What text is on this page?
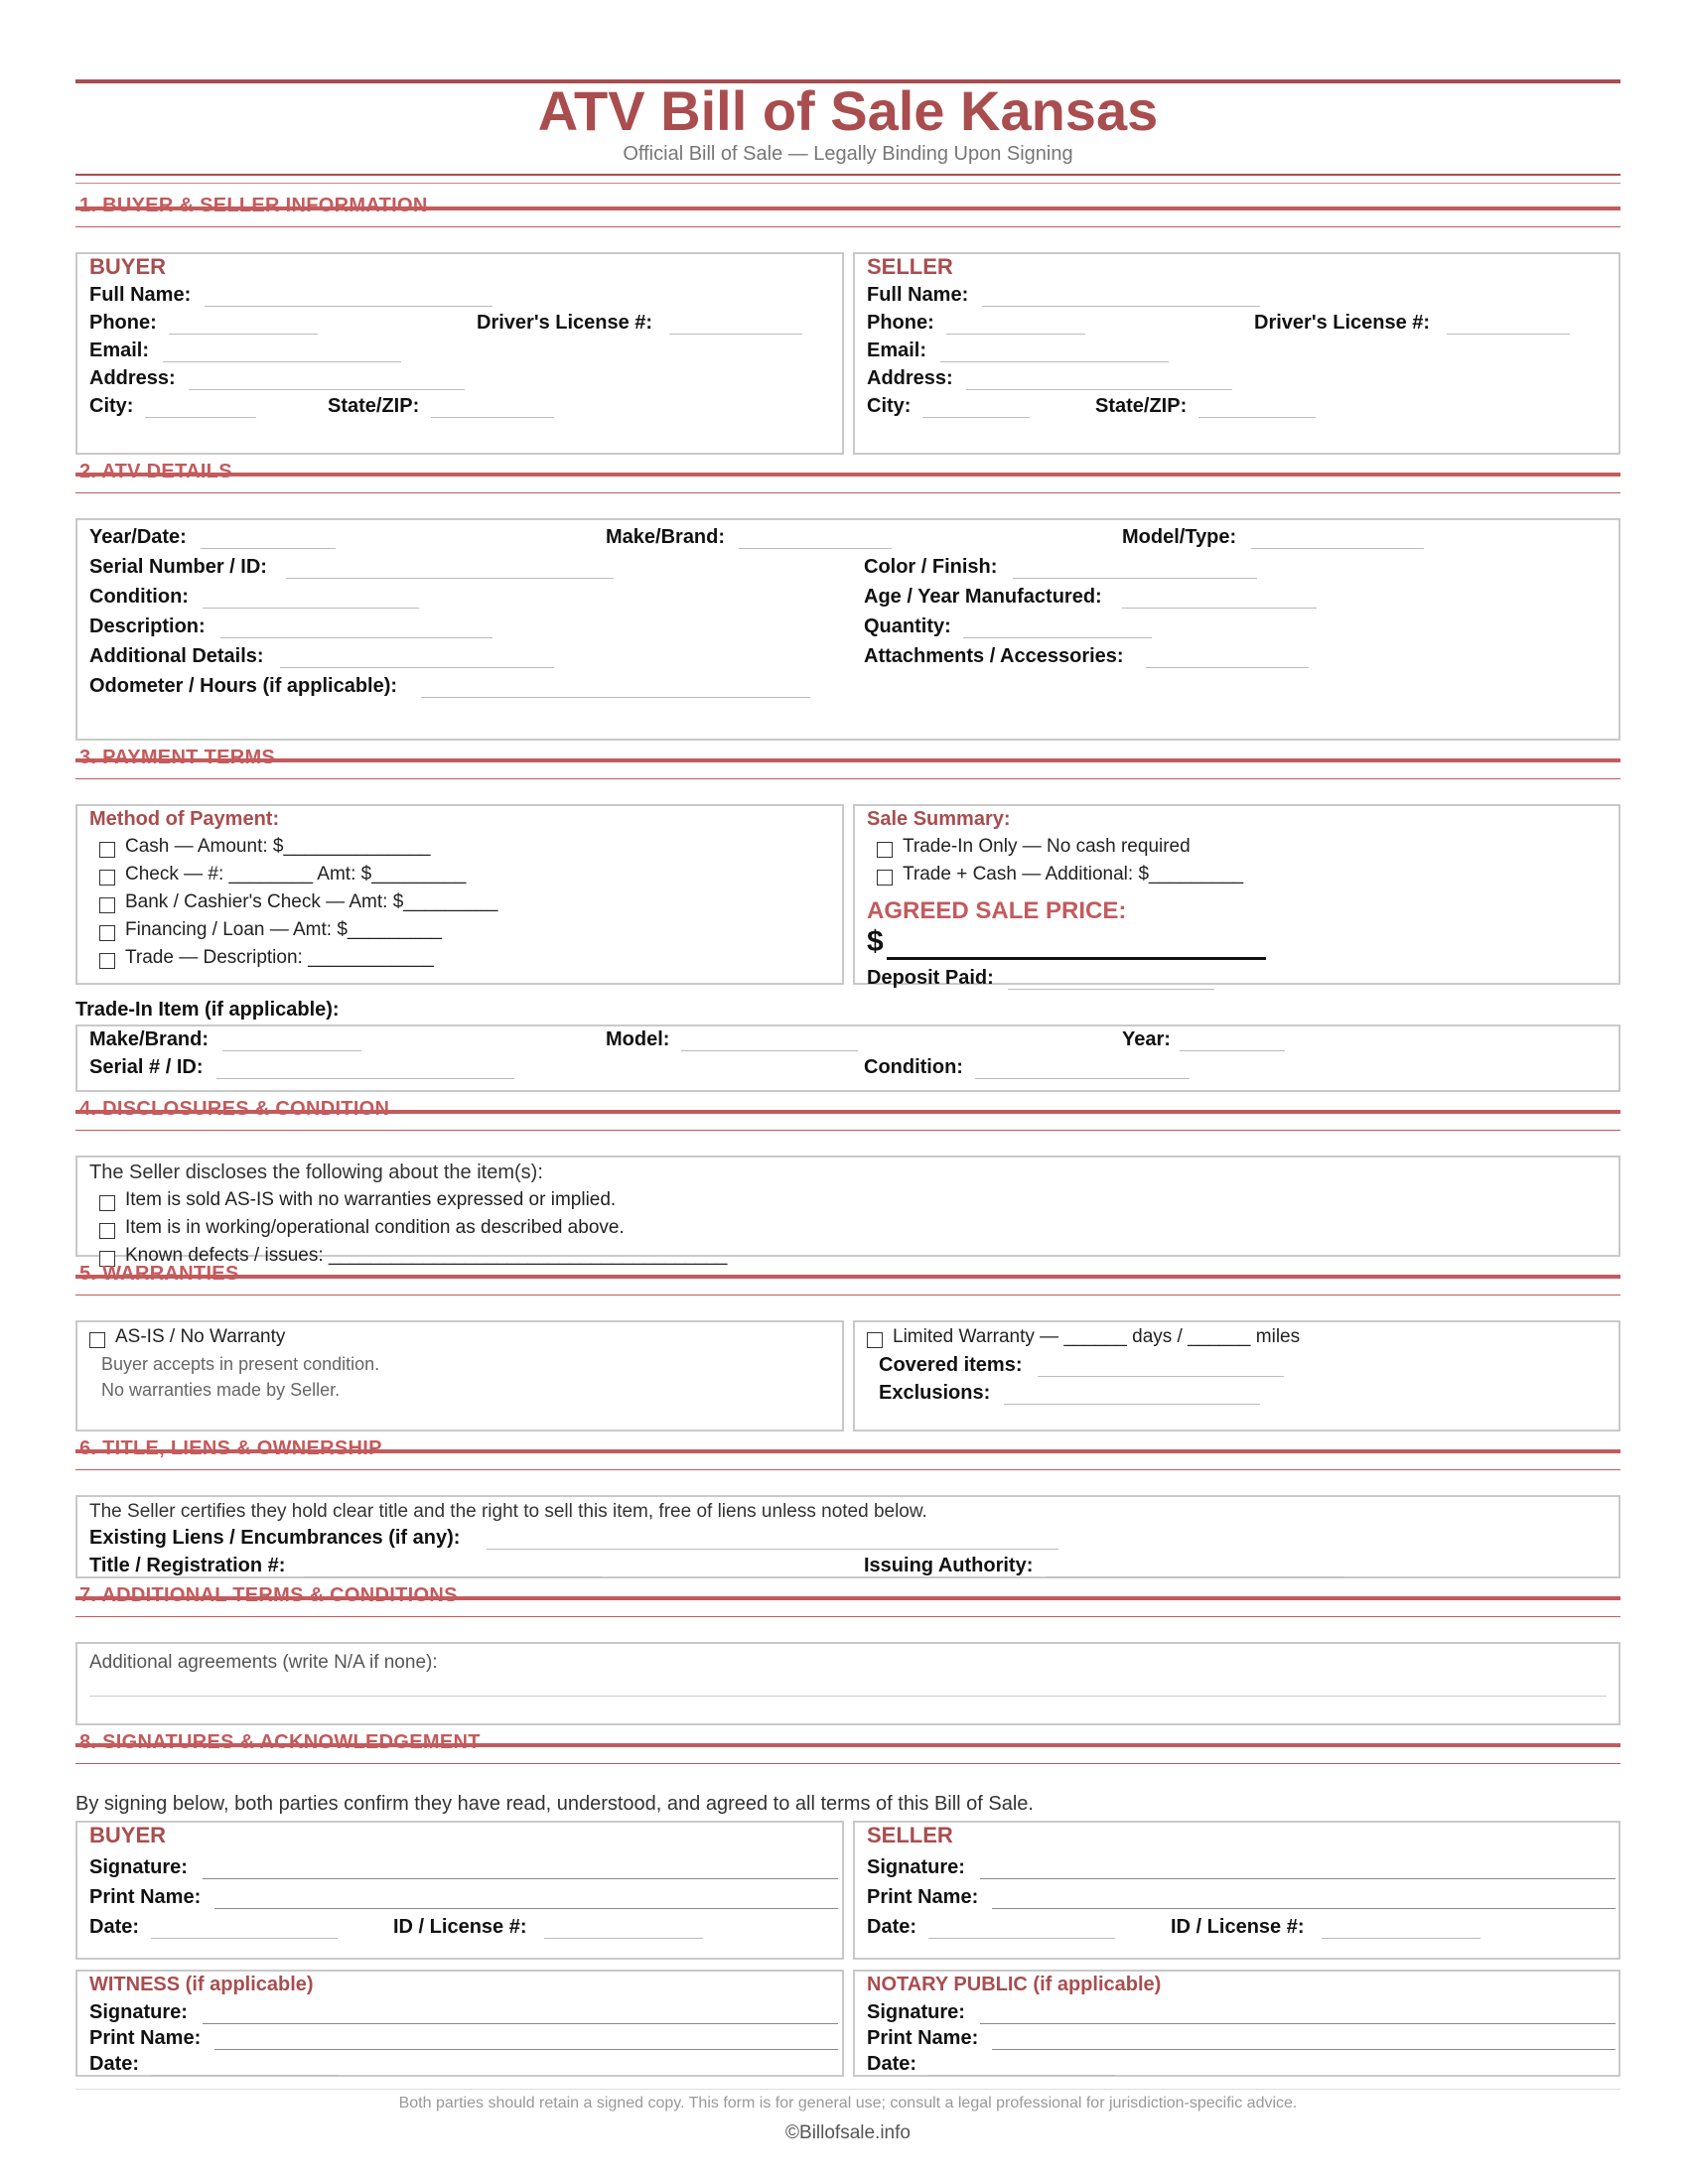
ATV Bill of Sale Kansas
Official Bill of Sale — Legally Binding Upon Signing
1. BUYER & SELLER INFORMATION
BUYER
Full Name:
Phone:	Driver's License #:
Email:
Address:
City:	State/ZIP:
SELLER
Full Name:
Phone:	Driver's License #:
Email:
Address:
City:	State/ZIP:
2. ATV DETAILS
Year/Date:	Make/Brand:	Model/Type:
Serial Number / ID:	Color / Finish:
Condition:	Age / Year Manufactured:
Description:	Quantity:
Additional Details:	Attachments / Accessories:
Odometer / Hours (if applicable):
3. PAYMENT TERMS
Method of Payment:
Cash — Amount: $______________
Check — #: ________ Amt: $_________
Bank / Cashier's Check — Amt: $_________
Financing / Loan — Amt: $_________
Trade — Description: ____________
Sale Summary:
Trade-In Only — No cash required
Trade + Cash — Additional: $_________
AGREED SALE PRICE:
$
Deposit Paid:
Trade-In Item (if applicable):
Make/Brand:	Model:	Year:
Serial # / ID:	Condition:
4. DISCLOSURES & CONDITION
The Seller discloses the following about the item(s):
Item is sold AS-IS with no warranties expressed or implied.
Item is in working/operational condition as described above.
Known defects / issues: ______________________________________
5. WARRANTIES
AS-IS / No Warranty
Buyer accepts in present condition.
No warranties made by Seller.
Limited Warranty — ______ days / ______ miles
Covered items:
Exclusions:
6. TITLE, LIENS & OWNERSHIP
The Seller certifies they hold clear title and the right to sell this item, free of liens unless noted below.
Existing Liens / Encumbrances (if any):
Title / Registration #:	Issuing Authority:
7. ADDITIONAL TERMS & CONDITIONS
Additional agreements (write N/A if none):
8. SIGNATURES & ACKNOWLEDGEMENT
By signing below, both parties confirm they have read, understood, and agreed to all terms of this Bill of Sale.
BUYER
Signature:
Print Name:
Date:	ID / License #:
SELLER
Signature:
Print Name:
Date:	ID / License #:
WITNESS (if applicable)
Signature:
Print Name:
Date:
NOTARY PUBLIC (if applicable)
Signature:
Print Name:
Date:
Both parties should retain a signed copy. This form is for general use; consult a legal professional for jurisdiction-specific advice.
©Billofsale.info
